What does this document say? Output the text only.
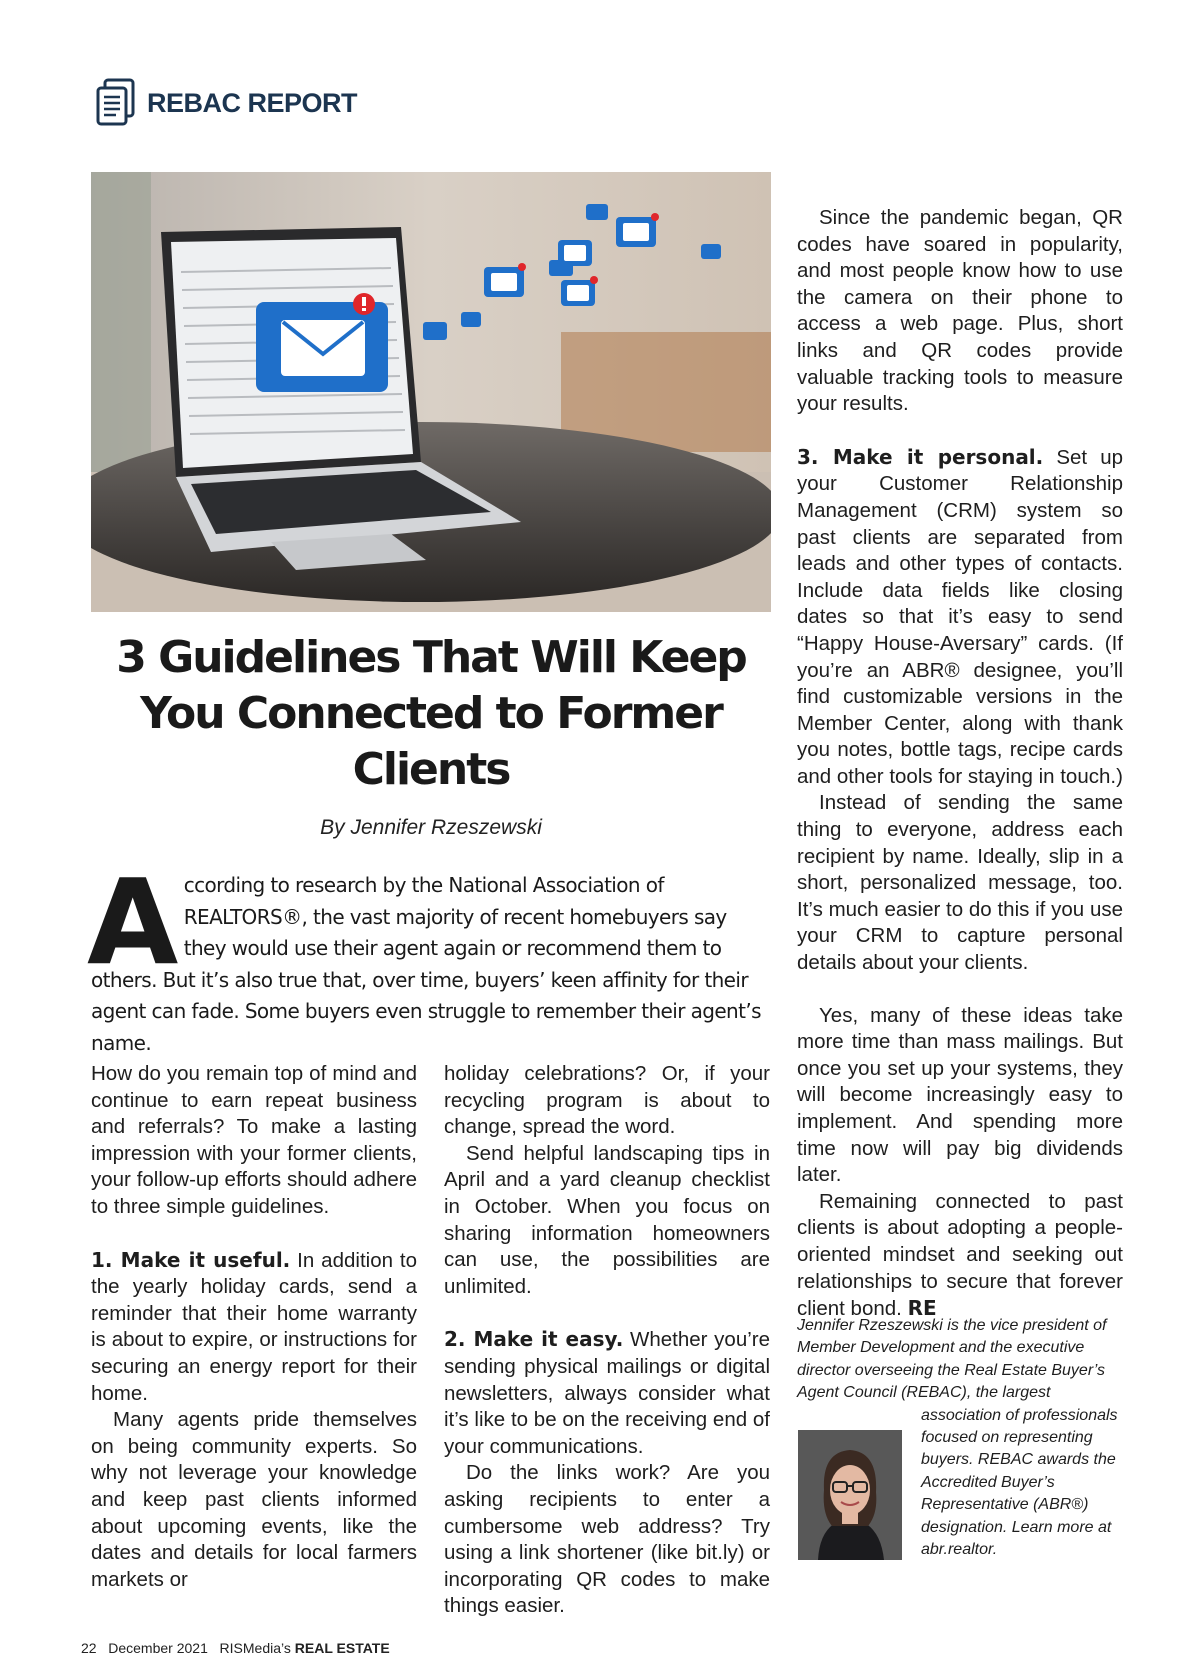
REBAC REPORT
3 Guidelines That Will Keep
You Connected to Former
Clients
By Jennifer Rzeszewski
A ccording to research by the National Association of REALTORS®, the vast majority of recent homebuyers say they would use their agent again or recommend them to others. But it’s also true that, over time, buyers’ keen affinity for their agent can fade. Some buyers even struggle to remember their agent’s name.

How do you remain top of mind and continue to earn repeat business and referrals? To make a lasting impression with your former clients, your follow-up efforts should adhere to three simple guidelines.

1. Make it useful. In addition to the yearly holiday cards, send a reminder that their home warranty is about to expire, or instructions for securing an energy report for their home.

Many agents pride themselves on being community experts. So why not leverage your knowledge and keep past clients informed about upcoming events, like the dates and details for local farmers markets or

holiday celebrations? Or, if your recycling program is about to change, spread the word.

Send helpful landscaping tips in April and a yard cleanup checklist in October. When you focus on sharing information homeowners can use, the possibilities are unlimited.

2. Make it easy. Whether you’re sending physical mailings or digital newsletters, always consider what it’s like to be on the receiving end of your communications.

Do the links work? Are you asking recipients to enter a cumbersome web address? Try using a link shortener (like bit.ly) or incorporating QR codes to make things easier.

Since the pandemic began, QR codes have soared in popularity, and most people know how to use the camera on their phone to access a web page. Plus, short links and QR codes provide valuable tracking tools to measure your results.

3. Make it personal. Set up your Customer Relationship Management (CRM) system so past clients are separated from leads and other types of contacts. Include data fields like closing dates so that it’s easy to send “Happy House-Aversary” cards. (If you’re an ABR® designee, you’ll find customizable versions in the Member Center, along with thank you notes, bottle tags, recipe cards and other tools for staying in touch.)

Instead of sending the same thing to everyone, address each recipient by name. Ideally, slip in a short, personalized message, too. It’s much easier to do this if you use your CRM to capture personal details about your clients.

Yes, many of these ideas take more time than mass mailings. But once you set up your systems, they will become increasingly easy to implement. And spending more time now will pay big dividends later.

Remaining connected to past clients is about adopting a people-oriented mindset and seeking out relationships to secure that forever client bond. RE

Jennifer Rzeszewski is the vice president of Member Development and the executive director overseeing the Real Estate Buyer’s Agent Council (REBAC), the largest
association of professionals focused on representing buyers. REBAC awards the Accredited Buyer’s Representative (ABR®) designation. Learn more at abr.realtor.
22 December 2021 RISMedia’s REAL ESTATE
